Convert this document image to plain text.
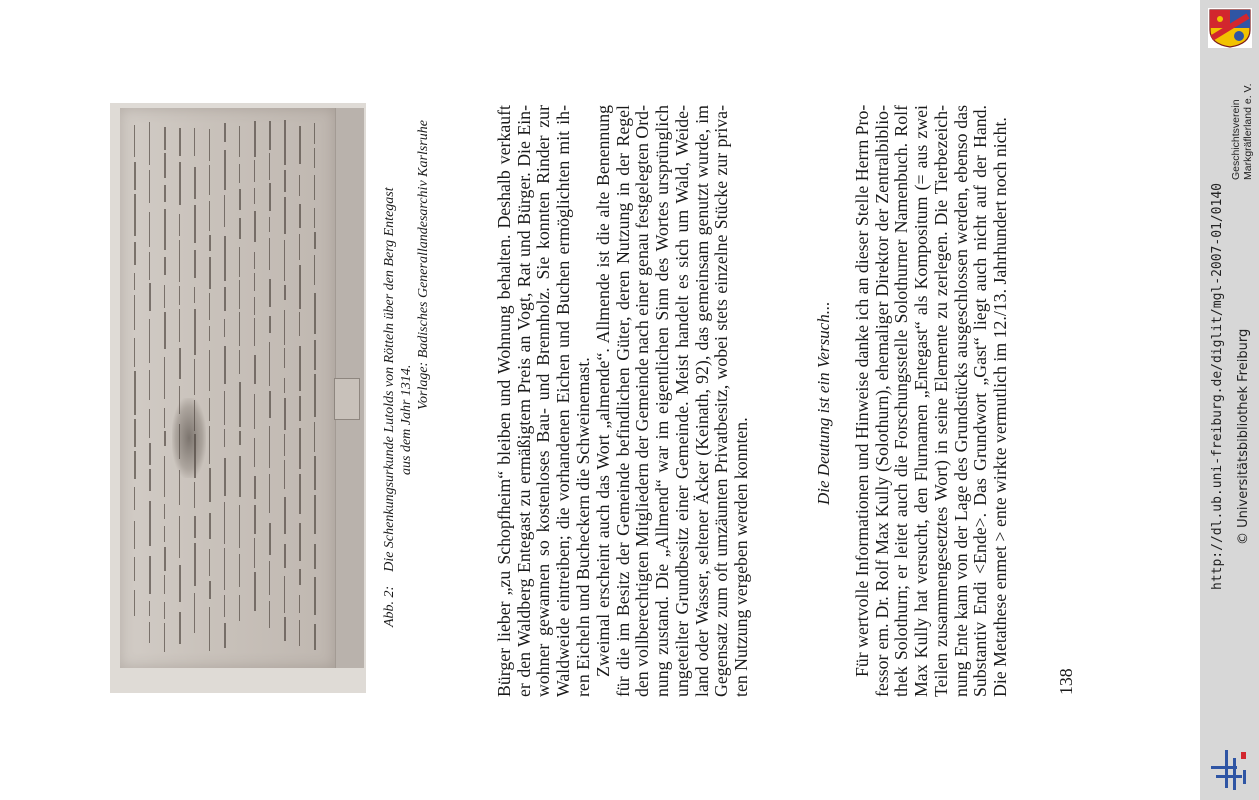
Abb. 2:    Die Schenkungsurkunde Lutolds von Rötteln über den Berg Entegast aus dem Jahr 1314.
Vorlage: Badisches Generallandesarchiv Karlsruhe	Bürger lieber „zu Schopfheim“ bleiben und Wohnung behalten. Deshalb verkauft er den Waldberg Entegast zu ermäßigtem Preis an Vogt, Rat und Bürger. Die Ein- wohner gewannen so kostenloses Bau- und Brennholz. Sie konnten Rinder zur Waldweide eintreiben; die vorhandenen Eichen und Buchen ermöglichten mit ih- ren Eicheln und Bucheckern die Schweinemast. Zweimal erscheint auch das Wort „almende“. Allmende ist die alte Benennung für die im Besitz der Gemeinde befindlichen Güter, deren Nutzung in der Regel den vollberechtigten Mitgliedern der Gemeinde nach einer genau festgelegten Ord- nung zustand. Die „Allmend“ war im eigentlichen Sinn des Wortes ursprünglich ungeteilter Grundbesitz einer Gemeinde. Meist handelt es sich um Wald, Weide- land oder Wasser, seltener Äcker (Keinath, 92), das gemeinsam genutzt wurde, im Gegensatz zum oft umzäunten Privatbesitz, wobei stets einzelne Stücke zur priva- ten Nutzung vergeben werden konnten.
Die Deutung ist ein Versuch... Für wertvolle Informationen und Hinweise danke ich an dieser Stelle Herrn Pro- fessor em. Dr. Rolf Max Kully (Solothurn), ehemaliger Direktor der Zentralbiblio- thek Solothurn; er leitet auch die Forschungsstelle Solothurner Namenbuch. Rolf Max Kully hat versucht, den Flurnamen „Entegast“ als Kompositum (= aus zwei Teilen zusammengesetztes Wort) in seine Elemente zu zerlegen. Die Tierbezeich- nung Ente kann von der Lage des Grundstücks ausgeschlossen werden, ebenso das Substantiv Endi <Ende>. Das Grundwort „Gast“ liegt auch nicht auf der Hand. Die Metathese enmet > ente wirkte vermutlich im 12./13. Jahrhundert noch nicht.	138
Geschichtsverein Markgräflerland e. V.
http://dl.ub.uni-freiburg.de/diglit/mgl-2007-01/0140 © Universitätsbibliothek Freiburg
